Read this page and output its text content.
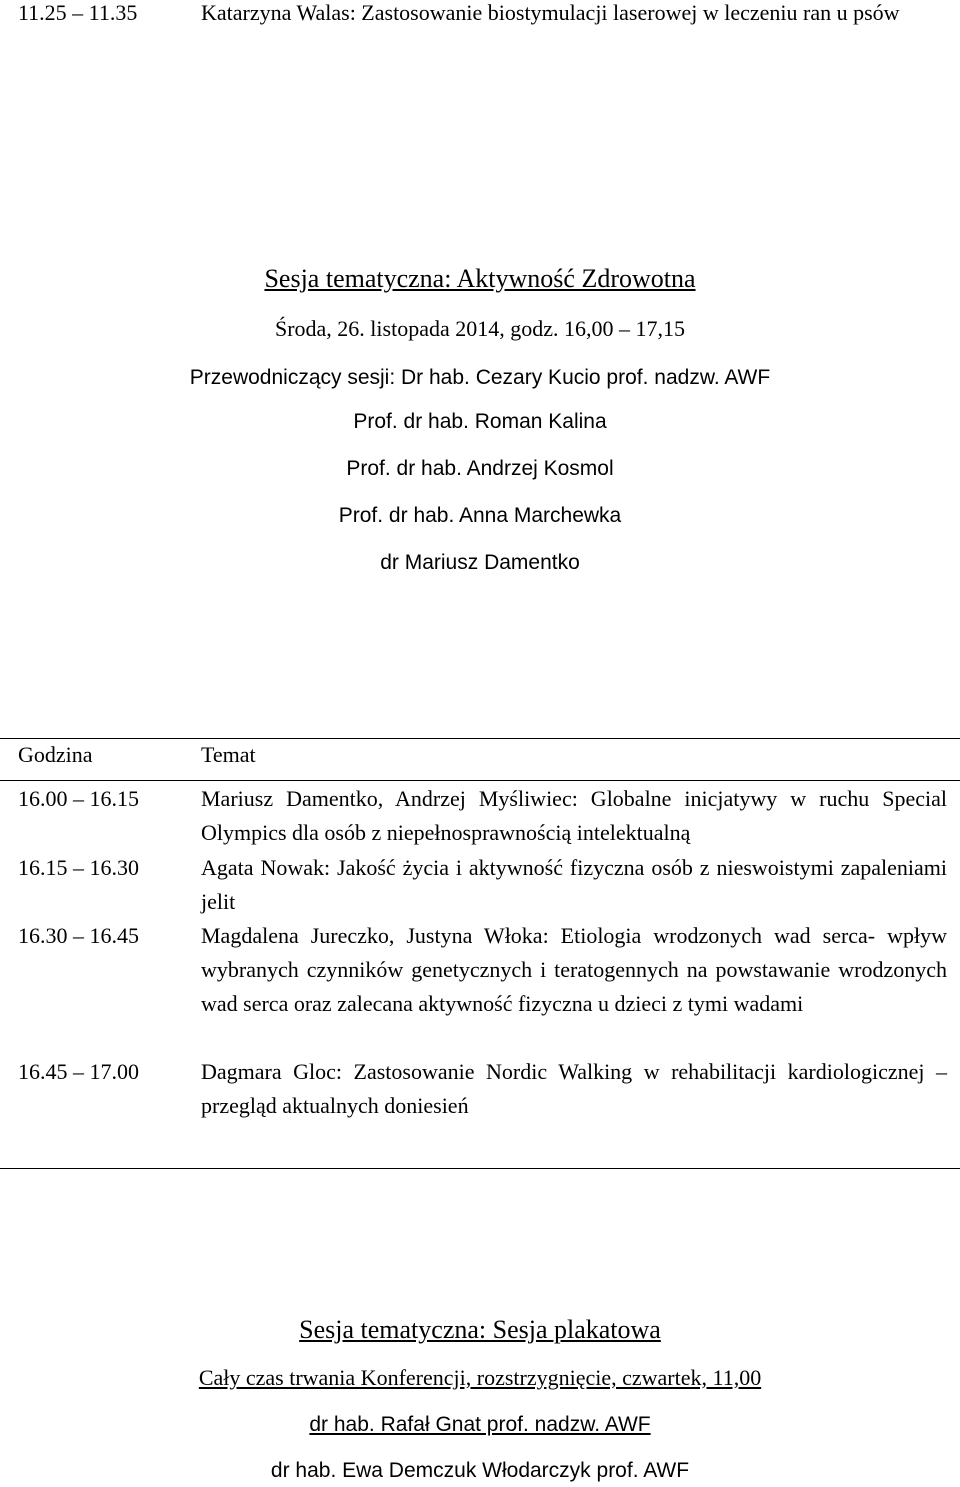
11.25 – 11.35	Katarzyna Walas: Zastosowanie biostymulacji laserowej w leczeniu ran u psów
Sesja tematyczna: Aktywność Zdrowotna
Środa, 26. listopada 2014, godz. 16,00 – 17,15
Przewodniczący sesji: Dr hab. Cezary Kucio prof. nadzw. AWF
Prof. dr hab. Roman Kalina
Prof. dr hab. Andrzej Kosmol
Prof. dr hab. Anna Marchewka
dr Mariusz Damentko
Godzina	Temat
16.00 – 16.15	Mariusz Damentko, Andrzej Myśliwiec: Globalne inicjatywy w ruchu Special Olympics dla osób z niepełnosprawnością intelektualną
16.15 – 16.30	Agata Nowak: Jakość życia i aktywność fizyczna osób z nieswoistymi zapaleniami jelit
16.30 – 16.45	Magdalena Jureczko, Justyna Włoka: Etiologia wrodzonych wad serca- wpływ wybranych czynników genetycznych i teratogennych na powstawanie wrodzonych wad serca oraz zalecana aktywność fizyczna u dzieci z tymi wadami
16.45 – 17.00	Dagmara Gloc: Zastosowanie Nordic Walking w rehabilitacji kardiologicznej – przegląd aktualnych doniesień
Sesja tematyczna: Sesja plakatowa
Cały czas trwania Konferencji, rozstrzygnięcie, czwartek, 11,00
dr hab. Rafał Gnat prof. nadzw. AWF
dr hab. Ewa Demczuk Włodarczyk prof. AWF
